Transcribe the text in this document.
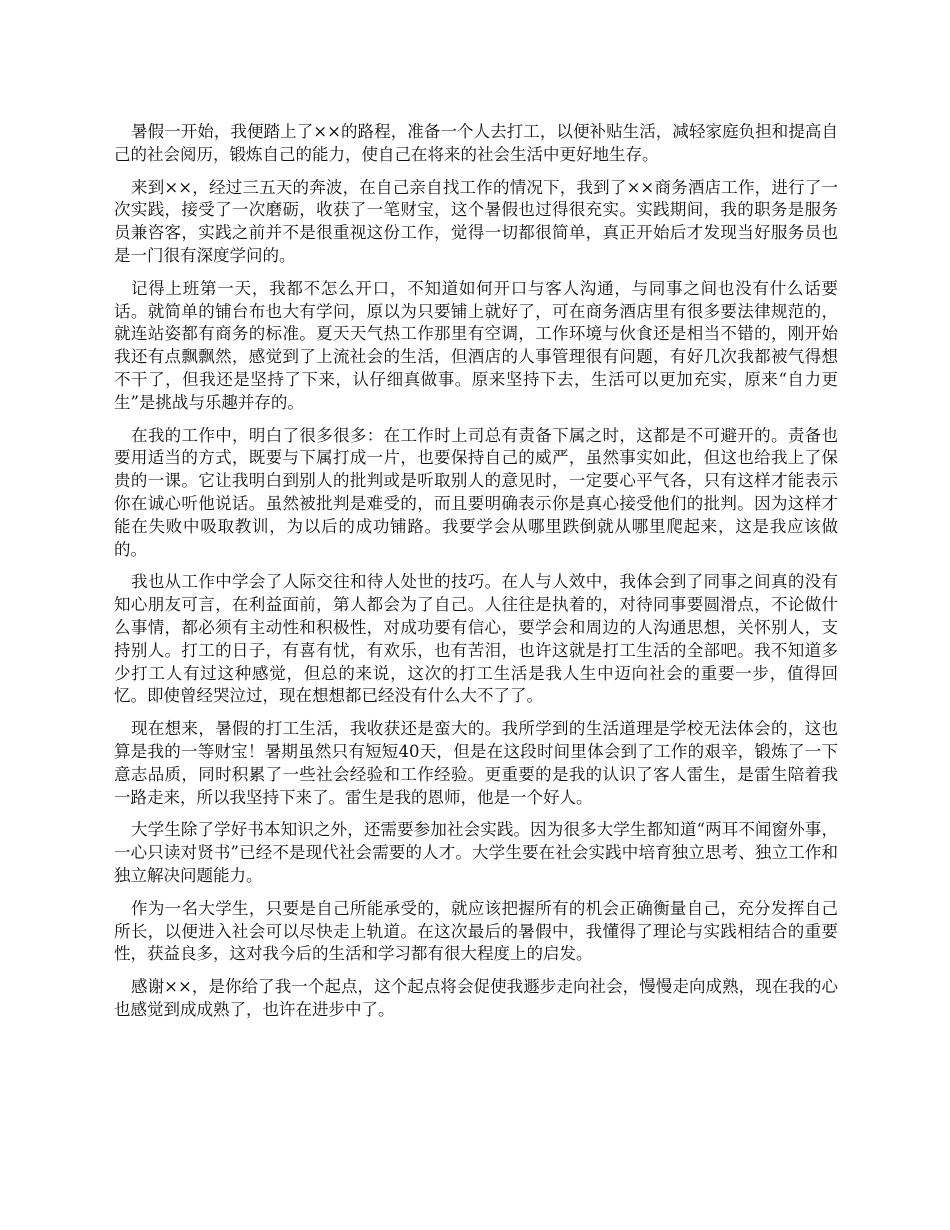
暑假一开始，我便踏上了××的路程，准备一个人去打工，以便补贴生活，减轻家庭负担和提高自己的社会阅历，锻炼自己的能力，使自己在将来的社会生活中更好地生存。

来到××，经过三五天的奔波，在自己亲自找工作的情况下，我到了××商务酒店工作，进行了一次实践，接受了一次磨砺，收获了一笔财宝，这个暑假也过得很充实。实践期间，我的职务是服务员兼咨客，实践之前并不是很重视这份工作，觉得一切都很简单，真正开始后才发现当好服务员也是一门很有深度学问的。

记得上班第一天，我都不怎么开口，不知道如何开口与客人沟通，与同事之间也没有什么话要话。就简单的铺台布也大有学问，原以为只要铺上就好了，可在商务酒店里有很多要法律规范的，就连站姿都有商务的标准。夏天天气热工作那里有空调，工作环境与伙食还是相当不错的，刚开始我还有点飘飘然，感觉到了上流社会的生活，但酒店的人事管理很有问题，有好几次我都被气得想不干了，但我还是坚持了下来，认仔细真做事。原来坚持下去，生活可以更加充实，原来“自力更生”是挑战与乐趣并存的。

在我的工作中，明白了很多很多：在工作时上司总有责备下属之时，这都是不可避开的。责备也要用适当的方式，既要与下属打成一片，也要保持自己的威严，虽然事实如此，但这也给我上了保贵的一课。它让我明白到别人的批判或是听取别人的意见时，一定要心平气各，只有这样才能表示你在诚心听他说话。虽然被批判是难受的，而且要明确表示你是真心接受他们的批判。因为这样才能在失败中吸取教训，为以后的成功铺路。我要学会从哪里跌倒就从哪里爬起来，这是我应该做的。

我也从工作中学会了人际交往和待人处世的技巧。在人与人效中，我体会到了同事之间真的没有知心朋友可言，在利益面前，第人都会为了自己。人往往是执着的，对待同事要圆滑点，不论做什么事情，都必须有主动性和积极性，对成功要有信心，要学会和周边的人沟通思想，关怀别人，支持别人。打工的日子，有喜有忧，有欢乐，也有苦泪，也许这就是打工生活的全部吧。我不知道多少打工人有过这种感觉，但总的来说，这次的打工生活是我人生中迈向社会的重要一步，值得回忆。即使曾经哭泣过，现在想想都已经没有什么大不了了。

现在想来，暑假的打工生活，我收获还是蛮大的。我所学到的生活道理是学校无法体会的，这也算是我的一等财宝！暑期虽然只有短短40天，但是在这段时间里体会到了工作的艰辛，锻炼了一下意志品质，同时积累了一些社会经验和工作经验。更重要的是我的认识了客人雷生，是雷生陪着我一路走来，所以我坚持下来了。雷生是我的恩师，他是一个好人。

大学生除了学好书本知识之外，还需要参加社会实践。因为很多大学生都知道“两耳不闻窗外事，一心只读对贤书”已经不是现代社会需要的人才。大学生要在社会实践中培育独立思考、独立工作和独立解决问题能力。

作为一名大学生，只要是自己所能承受的，就应该把握所有的机会正确衡量自己，充分发挥自己所长，以便进入社会可以尽快走上轨道。在这次最后的暑假中，我懂得了理论与实践相结合的重要性，获益良多，这对我今后的生活和学习都有很大程度上的启发。

感谢××，是你给了我一个起点，这个起点将会促使我遯步走向社会，慢慢走向成熟，现在我的心也感觉到成成熟了，也许在进步中了。
